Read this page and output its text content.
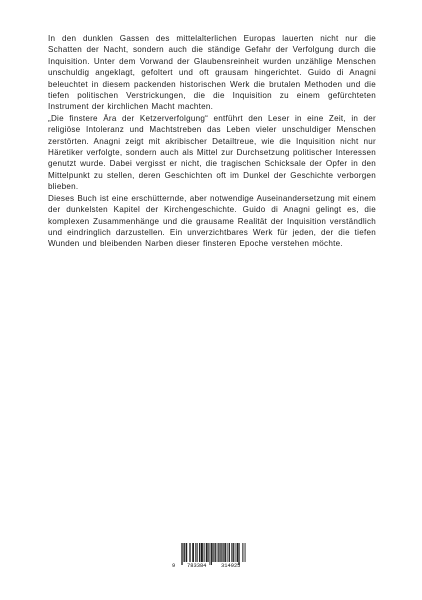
In den dunklen Gassen des mittelalterlichen Europas lauerten nicht nur die Schatten der Nacht, sondern auch die ständige Gefahr der Verfolgung durch die Inquisition. Unter dem Vorwand der Glaubensreinheit wurden unzählige Menschen unschuldig angeklagt, gefoltert und oft grausam hingerichtet. Guido di Anagni beleuchtet in diesem packenden historischen Werk die brutalen Methoden und die tiefen politischen Verstrickungen, die die Inquisition zu einem gefürchteten Instrument der kirchlichen Macht machten.

„Die finstere Ära der Ketzerverfolgung“ entführt den Leser in eine Zeit, in der religiöse Intoleranz und Machtstreben das Leben vieler unschuldiger Menschen zerstörten. Anagni zeigt mit akribischer Detailtreue, wie die Inquisition nicht nur Häretiker verfolgte, sondern auch als Mittel zur Durchsetzung politischer Interessen genutzt wurde. Dabei vergisst er nicht, die tragischen Schicksale der Opfer in den Mittelpunkt zu stellen, deren Geschichten oft im Dunkel der Geschichte verborgen blieben.

Dieses Buch ist eine erschütternde, aber notwendige Auseinandersetzung mit einem der dunkelsten Kapitel der Kirchengeschichte. Guido di Anagni gelingt es, die komplexen Zusammenhänge und die grausame Realität der Inquisition verständlich und eindringlich darzustellen. Ein unverzichtbares Werk für jeden, der die tiefen Wunden und bleibenden Narben dieser finsteren Epoche verstehen möchte.

9 783384	314925
